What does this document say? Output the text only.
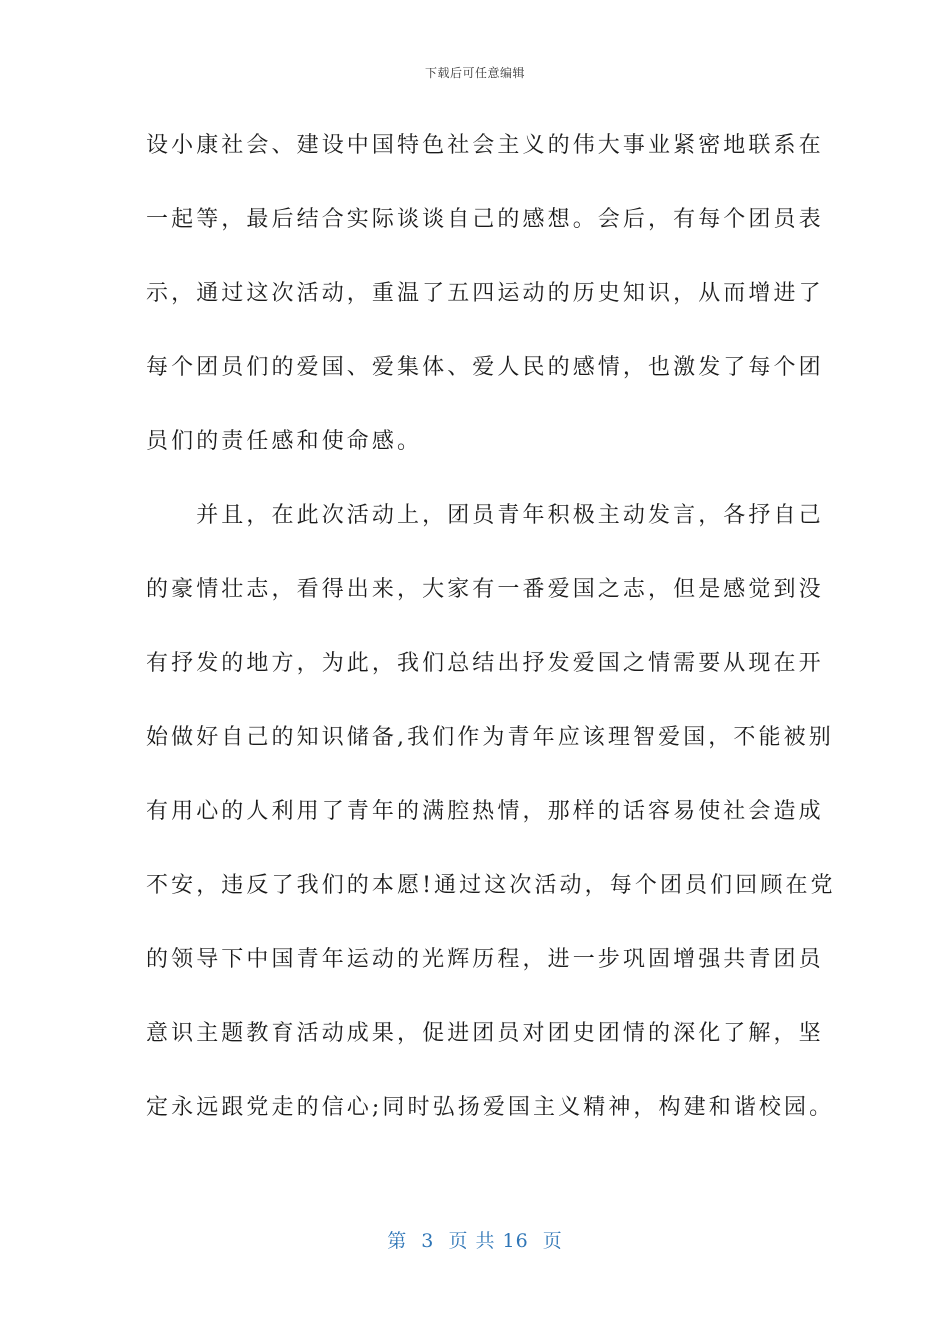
下载后可任意编辑
设小康社会、建设中国特色社会主义的伟大事业紧密地联系在
一起等，最后结合实际谈谈自己的感想。会后，有每个团员表
示，通过这次活动，重温了五四运动的历史知识，从而增进了
每个团员们的爱国、爱集体、爱人民的感情，也激发了每个团
员们的责任感和使命感。
　　并且，在此次活动上，团员青年积极主动发言，各抒自己
的豪情壮志，看得出来，大家有一番爱国之志，但是感觉到没
有抒发的地方，为此，我们总结出抒发爱国之情需要从现在开
始做好自己的知识储备,我们作为青年应该理智爱国，不能被别
有用心的人利用了青年的满腔热情，那样的话容易使社会造成
不安，违反了我们的本愿!通过这次活动，每个团员们回顾在党
的领导下中国青年运动的光辉历程，进一步巩固增强共青团员
意识主题教育活动成果，促进团员对团史团情的深化了解，坚
定永远跟党走的信心;同时弘扬爱国主义精神，构建和谐校园。
第  3  页 共 16  页
